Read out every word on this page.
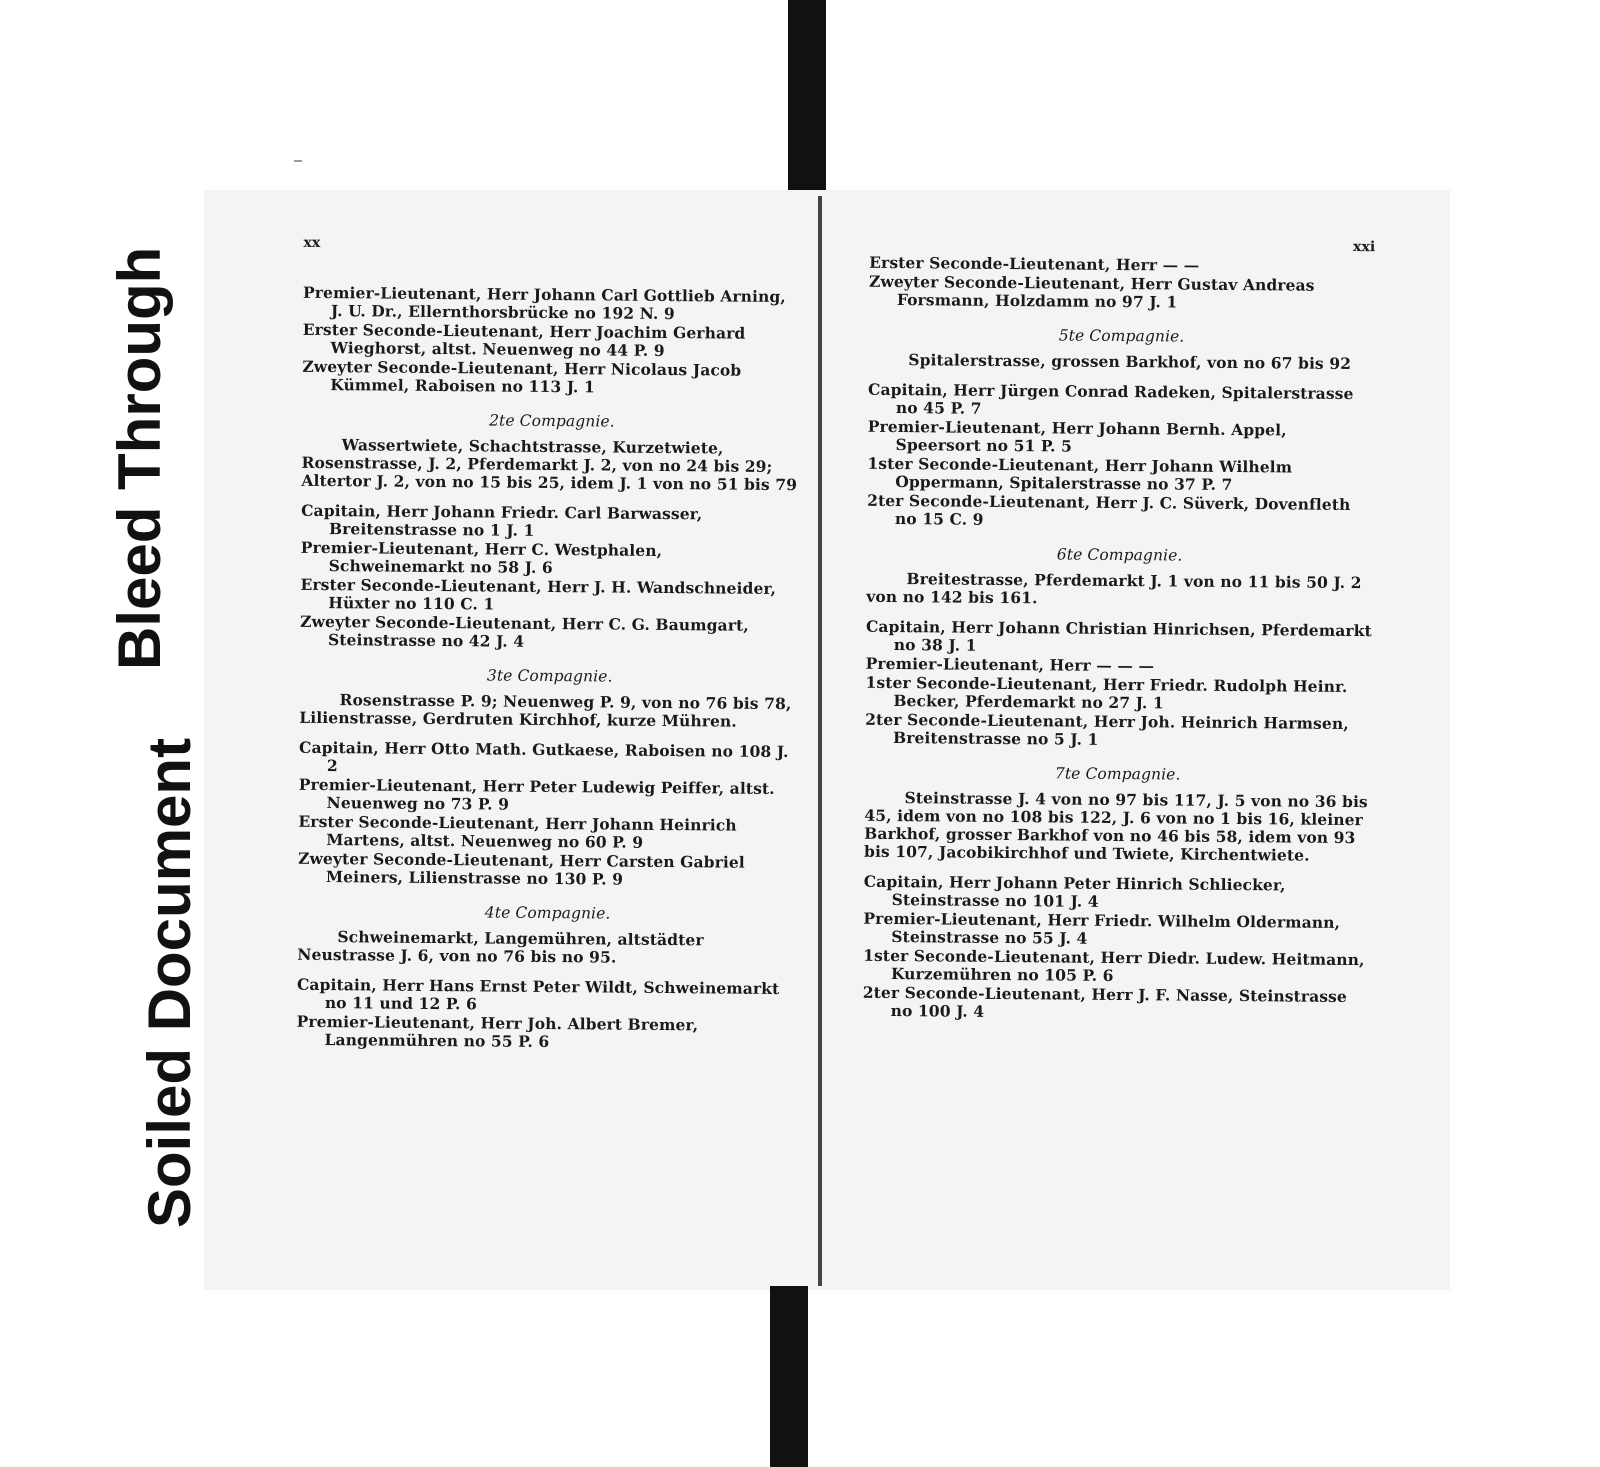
Soiled Document
Bleed Through
xx
Premier-Lieutenant, Herr Johann Carl Gottlieb Arning, J. U. Dr., Ellernthorsbrücke no 192 N. 9
Erster Seconde-Lieutenant, Herr Joachim Gerhard Wieghorst, altst. Neuenweg no 44 P. 9
Zweyter Seconde-Lieutenant, Herr Nicolaus Jacob Kümmel, Raboisen no 113 J. 1
2te Compagnie.
Wassertwiete, Schachtstrasse, Kurzetwiete, Rosenstrasse, J. 2, Pferdemarkt J. 2, von no 24 bis 29; Altertor J. 2, von no 15 bis 25, idem J. 1 von no 51 bis 79
Capitain, Herr Johann Friedr. Carl Barwasser, Breitenstrasse no 1 J. 1
Premier-Lieutenant, Herr C. Westphalen, Schweinemarkt no 58 J. 6
Erster Seconde-Lieutenant, Herr J. H. Wandschneider, Hüxter no 110 C. 1
Zweyter Seconde-Lieutenant, Herr C. G. Baumgart, Steinstrasse no 42 J. 4
3te Compagnie.
Rosenstrasse P. 9; Neuenweg P. 9, von no 76 bis 78, Lilienstrasse, Gerdruten Kirchhof, kurze Mühren.
Capitain, Herr Otto Math. Gutkaese, Raboisen no 108 J. 2
Premier-Lieutenant, Herr Peter Ludewig Peiffer, altst. Neuenweg no 73 P. 9
Erster Seconde-Lieutenant, Herr Johann Heinrich Martens, altst. Neuenweg no 60 P. 9
Zweyter Seconde-Lieutenant, Herr Carsten Gabriel Meiners, Lilienstrasse no 130 P. 9
4te Compagnie.
Schweinemarkt, Langemühren, altstädter Neustrasse J. 6, von no 76 bis no 95.
Capitain, Herr Hans Ernst Peter Wildt, Schweinemarkt no 11 und 12 P. 6
Premier-Lieutenant, Herr Joh. Albert Bremer, Langenmühren no 55 P. 6
xxi
Erster Seconde-Lieutenant, Herr — —
Zweyter Seconde-Lieutenant, Herr Gustav Andreas Forsmann, Holzdamm no 97 J. 1
5te Compagnie.
Spitalerstrasse, grossen Barkhof, von no 67 bis 92
Capitain, Herr Jürgen Conrad Radeken, Spitalerstrasse no 45 P. 7
Premier-Lieutenant, Herr Johann Bernh. Appel, Speersort no 51 P. 5
1ster Seconde-Lieutenant, Herr Johann Wilhelm Oppermann, Spitalerstrasse no 37 P. 7
2ter Seconde-Lieutenant, Herr J. C. Süverk, Dovenfleth no 15 C. 9
6te Compagnie.
Breitestrasse, Pferdemarkt J. 1 von no 11 bis 50 J. 2 von no 142 bis 161.
Capitain, Herr Johann Christian Hinrichsen, Pferdemarkt no 38 J. 1
Premier-Lieutenant, Herr — — —
1ster Seconde-Lieutenant, Herr Friedr. Rudolph Heinr. Becker, Pferdemarkt no 27 J. 1
2ter Seconde-Lieutenant, Herr Joh. Heinrich Harmsen, Breitenstrasse no 5 J. 1
7te Compagnie.
Steinstrasse J. 4 von no 97 bis 117, J. 5 von no 36 bis 45, idem von no 108 bis 122, J. 6 von no 1 bis 16, kleiner Barkhof, grosser Barkhof von no 46 bis 58, idem von 93 bis 107, Jacobikirchhof und Twiete, Kirchentwiete.
Capitain, Herr Johann Peter Hinrich Schliecker, Steinstrasse no 101 J. 4
Premier-Lieutenant, Herr Friedr. Wilhelm Oldermann, Steinstrasse no 55 J. 4
1ster Seconde-Lieutenant, Herr Diedr. Ludew. Heitmann, Kurzemühren no 105 P. 6
2ter Seconde-Lieutenant, Herr J. F. Nasse, Steinstrasse no 100 J. 4
